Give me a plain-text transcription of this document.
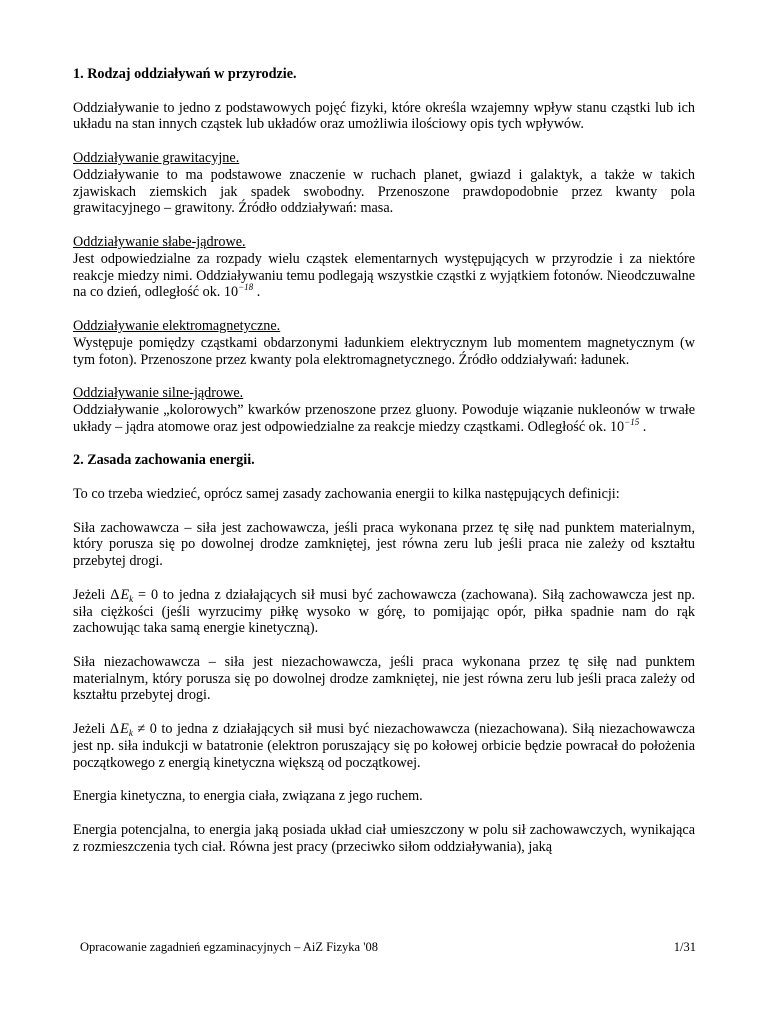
1. Rodzaj oddziaływań w przyrodzie.

Oddziaływanie to jedno z podstawowych pojęć fizyki, które określa wzajemny wpływ stanu cząstki lub ich układu na stan innych cząstek lub układów oraz umożliwia ilościowy opis tych wpływów.

Oddziaływanie grawitacyjne.
Oddziaływanie to ma podstawowe znaczenie w ruchach planet, gwiazd i galaktyk, a także w takich zjawiskach ziemskich jak spadek swobodny. Przenoszone prawdopodobnie przez kwanty pola grawitacyjnego – grawitony. Źródło oddziaływań: masa.

Oddziaływanie słabe-jądrowe.
Jest odpowiedzialne za rozpady wielu cząstek elementarnych występujących w przyrodzie i za niektóre reakcje miedzy nimi. Oddziaływaniu temu podlegają wszystkie cząstki z wyjątkiem fotonów. Nieodczuwalne na co dzień, odległość ok. $10^{-18}$ .

Oddziaływanie elektromagnetyczne.
Występuje pomiędzy cząstkami obdarzonymi ładunkiem elektrycznym lub momentem magnetycznym (w tym foton). Przenoszone przez kwanty pola elektromagnetycznego. Źródło oddziaływań: ładunek.

Oddziaływanie silne-jądrowe.
Oddziaływanie „kolorowych” kwarków przenoszone przez gluony. Powoduje wiązanie nukleonów w trwałe układy – jądra atomowe oraz jest odpowiedzialne za reakcje miedzy cząstkami. Odległość ok. $10^{-15}$ .

2. Zasada zachowania energii.

To co trzeba wiedzieć, oprócz samej zasady zachowania energii to kilka następujących definicji:

Siła zachowawcza – siła jest zachowawcza, jeśli praca wykonana przez tę siłę nad punktem materialnym, który porusza się po dowolnej drodze zamkniętej, jest równa zeru lub jeśli praca nie zależy od kształtu przebytej drogi.

Jeżeli Δ $E_k = 0$ to jedna z działających sił musi być zachowawcza (zachowana). Siłą zachowawcza jest np. siła ciężkości (jeśli wyrzucimy piłkę wysoko w górę, to pomijając opór, piłka spadnie nam do rąk zachowując taka samą energie kinetyczną).

Siła niezachowawcza – siła jest niezachowawcza, jeśli praca wykonana przez tę siłę nad punktem materialnym, który porusza się po dowolnej drodze zamkniętej, nie jest równa zeru lub jeśli praca zależy od kształtu przebytej drogi.

Jeżeli Δ $E_k \ne 0$ to jedna z działających sił musi być niezachowawcza (niezachowana). Siłą niezachowawcza jest np. siła indukcji w batatronie (elektron poruszający się po kołowej orbicie będzie powracał do położenia początkowego z energią kinetyczna większą od początkowej.

Energia kinetyczna, to energia ciała, związana z jego ruchem.

Energia potencjalna, to energia jaką posiada układ ciał umieszczony w polu sił zachowawczych, wynikająca z rozmieszczenia tych ciał. Równa jest pracy (przeciwko siłom oddziaływania), jaką

Opracowanie zagadnień egzaminacyjnych – AiZ Fizyka '08	1/31
